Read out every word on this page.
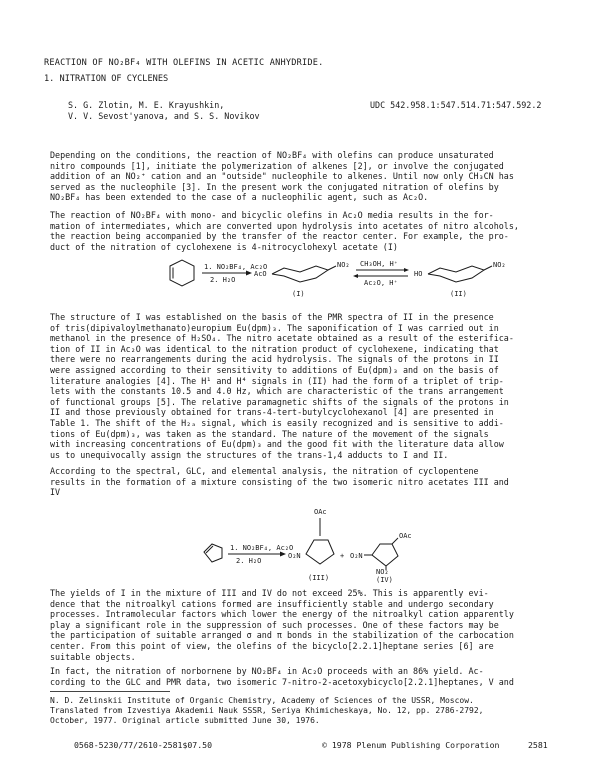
REACTION OF NO₂BF₄ WITH OLEFINS IN ACETIC ANHYDRIDE.
1. NITRATION OF CYCLENES
S. G. Zlotin, M. E. Krayushkin,
V. V. Sevost'yanova, and S. S. Novikov
UDC 542.958.1:547.514.71:547.592.2
Depending on the conditions, the reaction of NO₂BF₄ with olefins can produce unsaturated
nitro compounds [1], initiate the polymerization of alkenes [2], or involve the conjugated
addition of an NO₂⁺ cation and an "outside" nucleophile to alkenes. Until now only CH₃CN has
served as the nucleophile [3]. In the present work the conjugated nitration of olefins by
NO₂BF₄ has been extended to the case of a nucleophilic agent, such as Ac₂O.
The reaction of NO₂BF₄ with mono- and bicyclic olefins in Ac₂O media results in the for-
mation of intermediates, which are converted upon hydrolysis into acetates of nitro alcohols,
the reaction being accompanied by the transfer of the reactor center. For example, the pro-
duct of the nitration of cyclohexene is 4-nitrocyclohexyl acetate (I)
1. NO₂BF₄, Ac₂O
2. H₂O
AcO
NO₂
(I)
CH₃OH, H⁺
Ac₂O, H⁺
HO
NO₂
(II)
The structure of I was established on the basis of the PMR spectra of II in the presence
of tris(dipivaloylmethanato)europium Eu(dpm)₃. The saponification of I was carried out in
methanol in the presence of H₂SO₄. The nitro acetate obtained as a result of the esterifica-
tion of II in Ac₂O was identical to the nitration product of cyclohexene, indicating that
there were no rearrangements during the acid hydrolysis. The signals of the protons in II
were assigned according to their sensitivity to additions of Eu(dpm)₃ and on the basis of
literature analogies [4]. The H¹ and H⁴ signals in (II) had the form of a triplet of trip-
lets with the constants 10.5 and 4.0 Hz, which are characteristic of the trans arrangement
of functional groups [5]. The relative paramagnetic shifts of the signals of the protons in
II and those previously obtained for trans-4-tert-butylcyclohexanol [4] are presented in
Table 1. The shift of the H₂ₐ signal, which is easily recognized and is sensitive to addi-
tions of Eu(dpm)₃, was taken as the standard. The nature of the movement of the signals
with increasing concentrations of Eu(dpm)₃ and the good fit with the literature data allow
us to unequivocally assign the structures of the trans-1,4 adducts to I and II.
According to the spectral, GLC, and elemental analysis, the nitration of cyclopentene
results in the formation of a mixture consisting of the two isomeric nitro acetates III and
IV
1. NO₂BF₄, Ac₂O
2. H₂O
O₂N
OAc
(III)
+ O₂N
OAc
NO₂
(IV)
The yields of I in the mixture of III and IV do not exceed 25%. This is apparently evi-
dence that the nitroalkyl cations formed are insufficiently stable and undergo secondary
processes. Intramolecular factors which lower the energy of the nitroalkyl cation apparently
play a significant role in the suppression of such processes. One of these factors may be
the participation of suitable arranged σ and π bonds in the stabilization of the carbocation
center. From this point of view, the olefins of the bicyclo[2.2.1]heptane series [6] are
suitable objects.
In fact, the nitration of norbornene by NO₂BF₄ in Ac₂O proceeds with an 86% yield. Ac-
cording to the GLC and PMR data, two isomeric 7-nitro-2-acetoxybicyclo[2.2.1]heptanes, V and
N. D. Zelinskii Institute of Organic Chemistry, Academy of Sciences of the USSR, Moscow.
Translated from Izvestiya Akademii Nauk SSSR, Seriya Khimicheskaya, No. 12, pp. 2786-2792,
October, 1977. Original article submitted June 30, 1976.
0568-5230/77/2610-2581$07.50	© 1978 Plenum Publishing Corporation	2581
